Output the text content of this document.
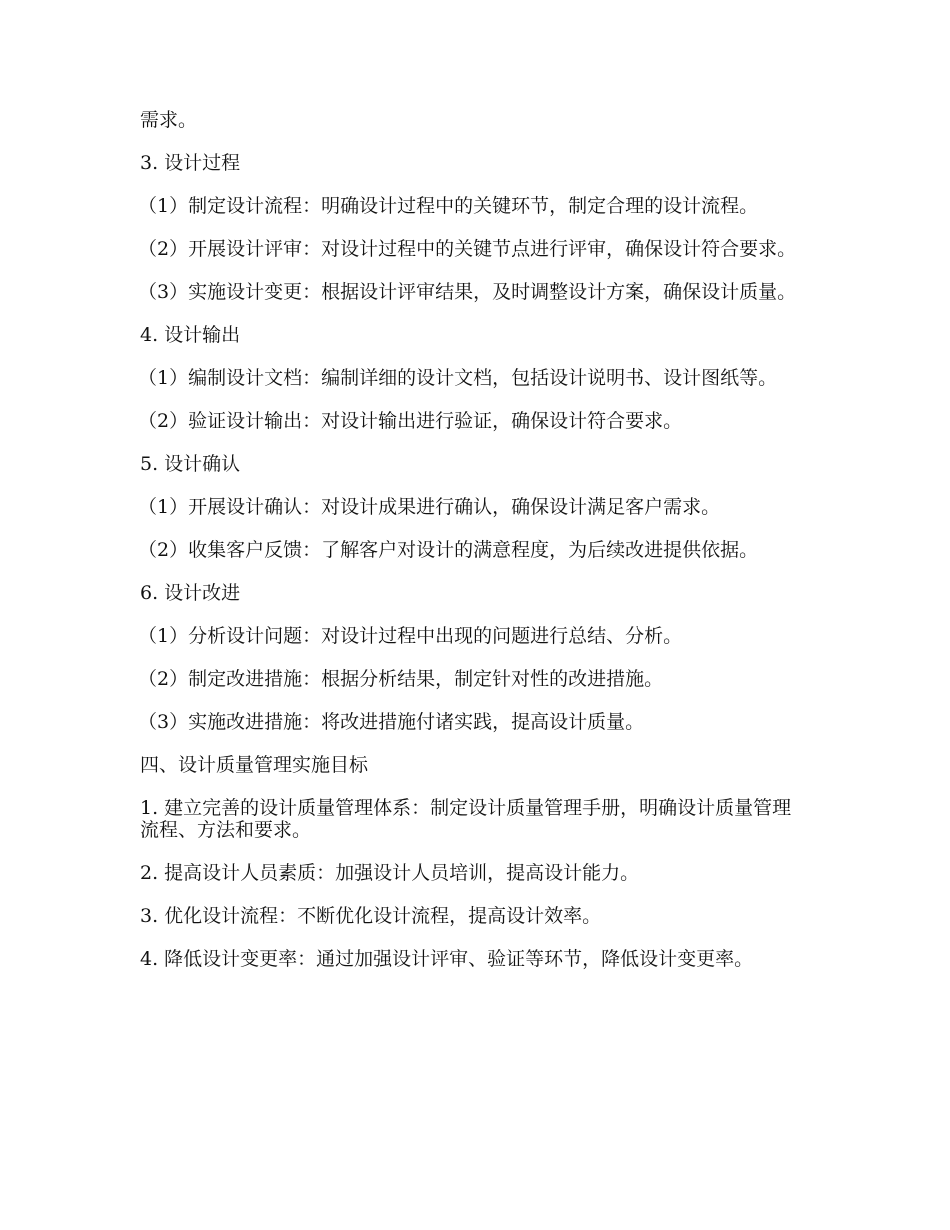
需求。

3. 设计过程

（1）制定设计流程：明确设计过程中的关键环节，制定合理的设计流程。

（2）开展设计评审：对设计过程中的关键节点进行评审，确保设计符合要求。

（3）实施设计变更：根据设计评审结果，及时调整设计方案，确保设计质量。

4. 设计输出

（1）编制设计文档：编制详细的设计文档，包括设计说明书、设计图纸等。

（2）验证设计输出：对设计输出进行验证，确保设计符合要求。

5. 设计确认

（1）开展设计确认：对设计成果进行确认，确保设计满足客户需求。

（2）收集客户反馈：了解客户对设计的满意程度，为后续改进提供依据。

6. 设计改进

（1）分析设计问题：对设计过程中出现的问题进行总结、分析。

（2）制定改进措施：根据分析结果，制定针对性的改进措施。

（3）实施改进措施：将改进措施付诸实践，提高设计质量。

四、设计质量管理实施目标

1. 建立完善的设计质量管理体系：制定设计质量管理手册，明确设计质量管理流程、方法和要求。

2. 提高设计人员素质：加强设计人员培训，提高设计能力。

3. 优化设计流程：不断优化设计流程，提高设计效率。

4. 降低设计变更率：通过加强设计评审、验证等环节，降低设计变更率。
